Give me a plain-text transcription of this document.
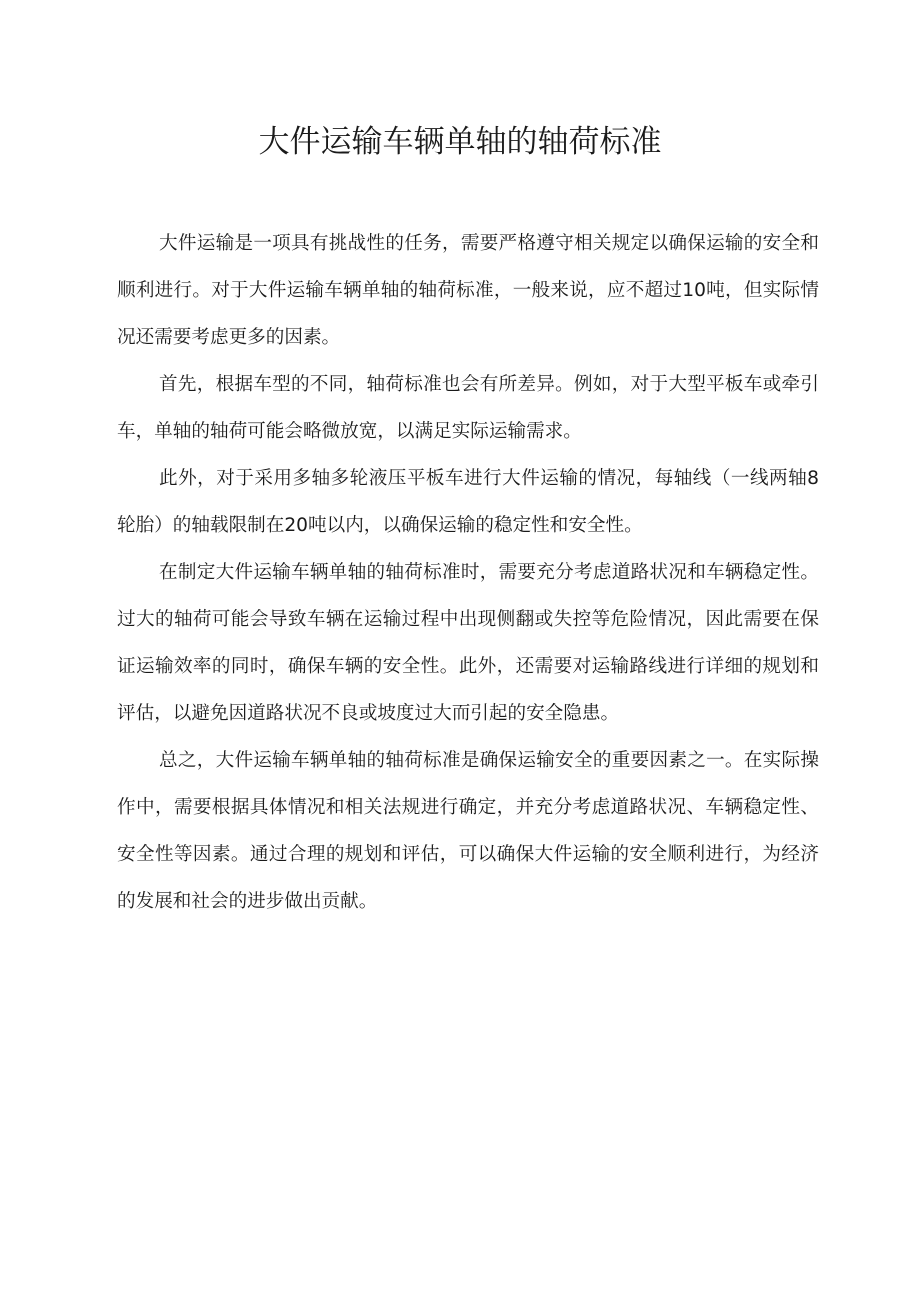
大件运输车辆单轴的轴荷标准

大件运输是一项具有挑战性的任务，需要严格遵守相关规定以确保运输的安全和顺利进行。对于大件运输车辆单轴的轴荷标准，一般来说，应不超过10吨，但实际情况还需要考虑更多的因素。

首先，根据车型的不同，轴荷标准也会有所差异。例如，对于大型平板车或牵引车，单轴的轴荷可能会略微放宽，以满足实际运输需求。

此外，对于采用多轴多轮液压平板车进行大件运输的情况，每轴线（一线两轴8轮胎）的轴载限制在20吨以内，以确保运输的稳定性和安全性。

在制定大件运输车辆单轴的轴荷标准时，需要充分考虑道路状况和车辆稳定性。过大的轴荷可能会导致车辆在运输过程中出现侧翻或失控等危险情况，因此需要在保证运输效率的同时，确保车辆的安全性。此外，还需要对运输路线进行详细的规划和评估，以避免因道路状况不良或坡度过大而引起的安全隐患。

总之，大件运输车辆单轴的轴荷标准是确保运输安全的重要因素之一。在实际操作中，需要根据具体情况和相关法规进行确定，并充分考虑道路状况、车辆稳定性、安全性等因素。通过合理的规划和评估，可以确保大件运输的安全顺利进行，为经济的发展和社会的进步做出贡献。
